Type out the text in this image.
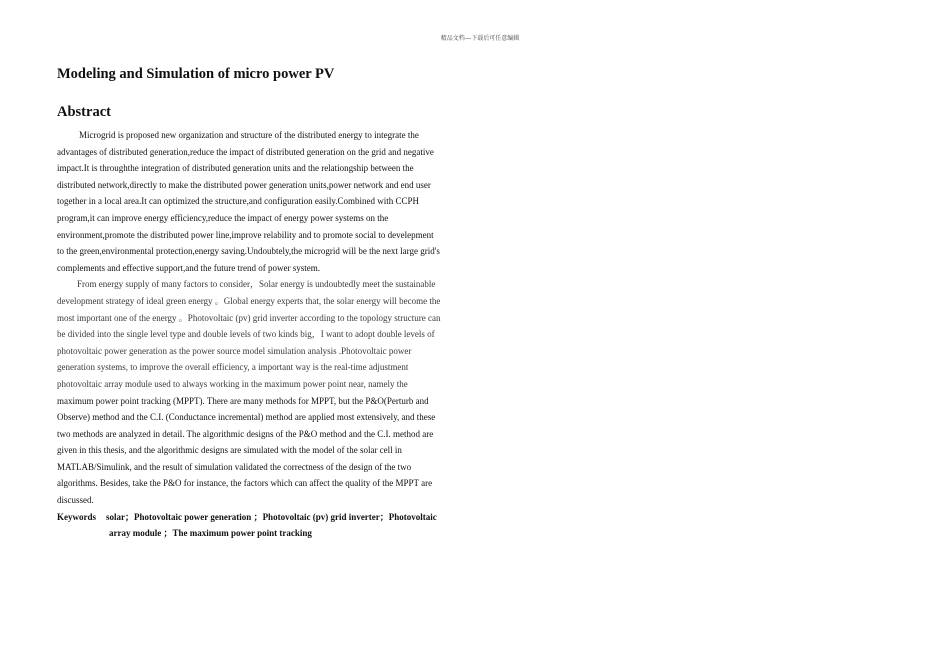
精品文档---下载后可任意编辑
Modeling and Simulation of micro power PV
Abstract
Microgrid is proposed new organization and structure of the distributed energy to integrate the
advantages of distributed generation,reduce the impact of distributed generation on the grid and negative
impact.It is throughthe integration of distributed generation units and the relationgship between the
distributed network,directly to make the distributed power generation units,power network and end user
together in a local area.It can optimized the structure,and configuration easily.Combined with CCPH
program,it can improve energy efficiency,reduce the impact of energy power systems on the
environment,promote the distributed power line,improve relability and to promote social to develepment
to the green,environmental protection,energy saving.Undoubtely,the microgrid will be the next large grid's
complements and effective support,and the future trend of power system.
From energy supply of many factors to consider，Solar energy is undoubtedly meet the sustainable
development strategy of ideal green energy 。Global energy experts that, the solar energy will become the
most important one of the energy 。Photovoltaic (pv) grid inverter according to the topology structure can
be divided into the single level type and double levels of two kinds big，I want to adopt double levels of
photovoltaic power generation as the power source model simulation analysis .Photovoltaic power
generation systems, to improve the overall efficiency, a important way is the real-time adjustment
photovoltaic array module used to always working in the maximum power point near, namely the
maximum power point tracking (MPPT). There are many methods for MPPT, but the P&O(Perturb and
Observe) method and the C.I. (Conductance incremental) method are applied most extensively, and these
two methods are analyzed in detail. The algorithmic designs of the P&O method and the C.I. method are
given in this thesis, and the algorithmic designs are simulated with the model of the solar cell in
MATLAB/Simulink, and the result of simulation validated the correctness of the design of the two
algorithms. Besides, take the P&O for instance, the factors which can affect the quality of the MPPT are
discussed.
Keywords solar；Photovoltaic power generation ；Photovoltaic (pv) grid inverter；Photovoltaic
array module ；The maximum power point tracking
